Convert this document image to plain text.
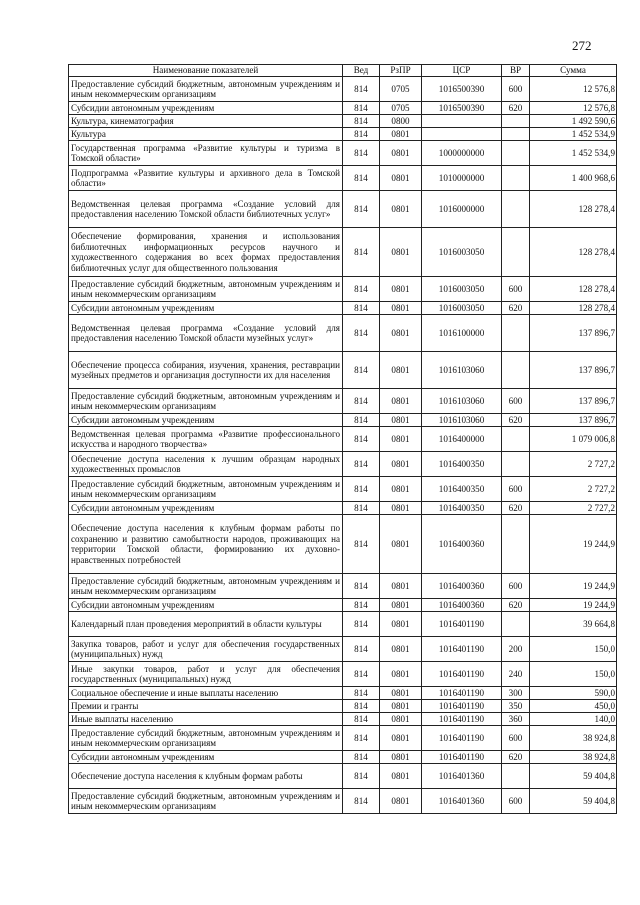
272
Наименование показателей	Вед	РзПР	ЦСР	ВР	Сумма
Предоставление субсидий бюджетным, автономным учреждениям и иным некоммерческим организациям	814	0705	1016500390	600	12 576,8
Субсидии автономным учреждениям	814	0705	1016500390	620	12 576,8
Культура, кинематография	814	0800			1 492 590,6
Культура	814	0801			1 452 534,9
Государственная программа «Развитие культуры и туризма в Томской области»	814	0801	1000000000		1 452 534,9
Подпрограмма «Развитие культуры и архивного дела в Томской области»	814	0801	1010000000		1 400 968,6
Ведомственная целевая программа «Создание условий для предоставления населению Томской области библиотечных услуг»	814	0801	1016000000		128 278,4
Обеспечение формирования, хранения и использования библиотечных информационных ресурсов научного и художественного содержания во всех формах предоставления библиотечных услуг для общественного пользования	814	0801	1016003050		128 278,4
Предоставление субсидий бюджетным, автономным учреждениям и иным некоммерческим организациям	814	0801	1016003050	600	128 278,4
Субсидии автономным учреждениям	814	0801	1016003050	620	128 278,4
Ведомственная целевая программа «Создание условий для предоставления населению Томской области музейных услуг»	814	0801	1016100000		137 896,7
Обеспечение процесса собирания, изучения, хранения, реставрации музейных предметов и организация доступности их для населения	814	0801	1016103060		137 896,7
Предоставление субсидий бюджетным, автономным учреждениям и иным некоммерческим организациям	814	0801	1016103060	600	137 896,7
Субсидии автономным учреждениям	814	0801	1016103060	620	137 896,7
Ведомственная целевая программа «Развитие профессионального искусства и народного творчества»	814	0801	1016400000		1 079 006,8
Обеспечение доступа населения к лучшим образцам народных художественных промыслов	814	0801	1016400350		2 727,2
Предоставление субсидий бюджетным, автономным учреждениям и иным некоммерческим организациям	814	0801	1016400350	600	2 727,2
Субсидии автономным учреждениям	814	0801	1016400350	620	2 727,2
Обеспечение доступа населения к клубным формам работы по сохранению и развитию самобытности народов, проживающих на территории Томской области, формированию их духовно-нравственных потребностей	814	0801	1016400360		19 244,9
Предоставление субсидий бюджетным, автономным учреждениям и иным некоммерческим организациям	814	0801	1016400360	600	19 244,9
Субсидии автономным учреждениям	814	0801	1016400360	620	19 244,9
Календарный план проведения мероприятий в области культуры	814	0801	1016401190		39 664,8
Закупка товаров, работ и услуг для обеспечения государственных (муниципальных) нужд	814	0801	1016401190	200	150,0
Иные закупки товаров, работ и услуг для обеспечения государственных (муниципальных) нужд	814	0801	1016401190	240	150,0
Социальное обеспечение и иные выплаты населению	814	0801	1016401190	300	590,0
Премии и гранты	814	0801	1016401190	350	450,0
Иные выплаты населению	814	0801	1016401190	360	140,0
Предоставление субсидий бюджетным, автономным учреждениям и иным некоммерческим организациям	814	0801	1016401190	600	38 924,8
Субсидии автономным учреждениям	814	0801	1016401190	620	38 924,8
Обеспечение доступа населения к клубным формам работы	814	0801	1016401360		59 404,8
Предоставление субсидий бюджетным, автономным учреждениям и иным некоммерческим организациям	814	0801	1016401360	600	59 404,8
